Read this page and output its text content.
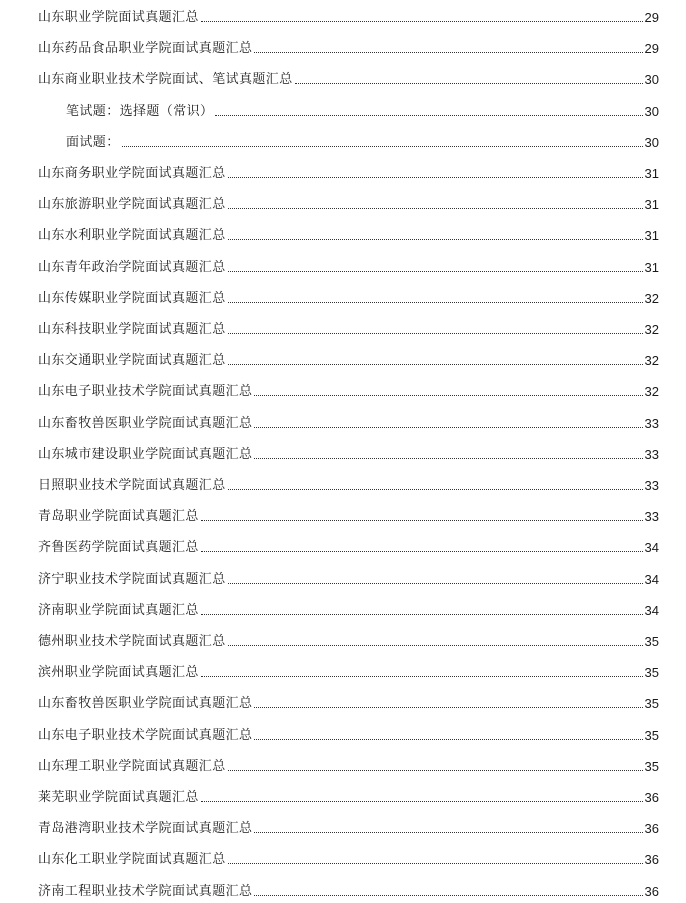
山东职业学院面试真题汇总	29
山东药品食品职业学院面试真题汇总	29
山东商业职业技术学院面试、笔试真题汇总	30
笔试题：选择题（常识）	30
面试题：	30
山东商务职业学院面试真题汇总	31
山东旅游职业学院面试真题汇总	31
山东水利职业学院面试真题汇总	31
山东青年政治学院面试真题汇总	31
山东传媒职业学院面试真题汇总	32
山东科技职业学院面试真题汇总	32
山东交通职业学院面试真题汇总	32
山东电子职业技术学院面试真题汇总	32
山东畜牧兽医职业学院面试真题汇总	33
山东城市建设职业学院面试真题汇总	33
日照职业技术学院面试真题汇总	33
青岛职业学院面试真题汇总	33
齐鲁医药学院面试真题汇总	34
济宁职业技术学院面试真题汇总	34
济南职业学院面试真题汇总	34
德州职业技术学院面试真题汇总	35
滨州职业学院面试真题汇总	35
山东畜牧兽医职业学院面试真题汇总	35
山东电子职业技术学院面试真题汇总	35
山东理工职业学院面试真题汇总	35
莱芜职业学院面试真题汇总	36
青岛港湾职业技术学院面试真题汇总	36
山东化工职业学院面试真题汇总	36
济南工程职业技术学院面试真题汇总	36
